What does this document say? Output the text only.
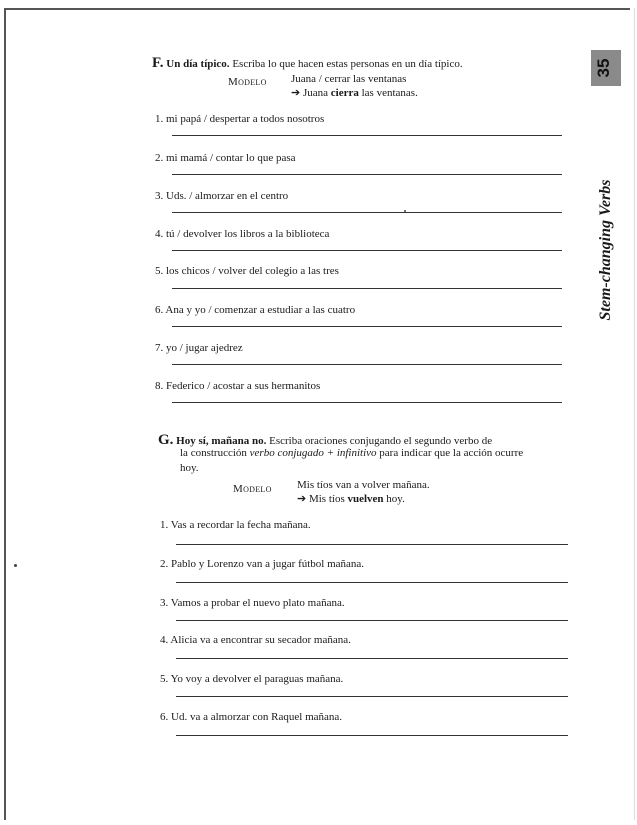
35
Stem-changing Verbs
F. Un día típico. Escriba lo que hacen estas personas en un día típico.
Modelo Juana / cerrar las ventanas
➔ Juana cierra las ventanas.
1. mi papá / despertar a todos nosotros
2. mi mamá / contar lo que pasa
3. Uds. / almorzar en el centro
4. tú / devolver los libros a la biblioteca
5. los chicos / volver del colegio a las tres
6. Ana y yo / comenzar a estudiar a las cuatro
7. yo / jugar ajedrez
8. Federico / acostar a sus hermanitos
G. Hoy sí, mañana no. Escriba oraciones conjugando el segundo verbo de
la construcción verbo conjugado + infinitivo para indicar que la acción ocurre
hoy.
Modelo Mis tíos van a volver mañana.
➔ Mis tíos vuelven hoy.
1. Vas a recordar la fecha mañana.
2. Pablo y Lorenzo van a jugar fútbol mañana.
3. Vamos a probar el nuevo plato mañana.
4. Alicia va a encontrar su secador mañana.
5. Yo voy a devolver el paraguas mañana.
6. Ud. va a almorzar con Raquel mañana.
